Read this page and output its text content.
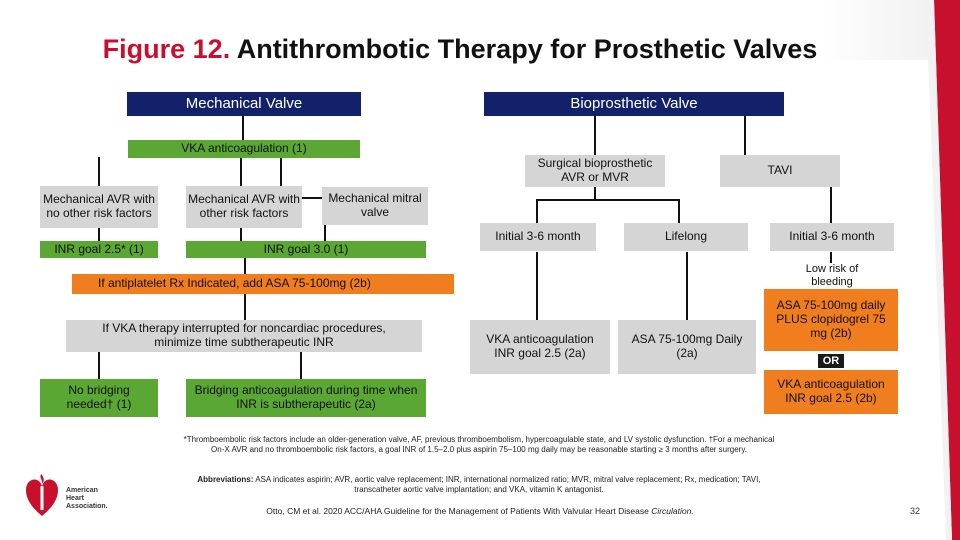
Figure 12. Antithrombotic Therapy for Prosthetic Valves
Mechanical Valve
VKA anticoagulation (1)
Mechanical AVR with no other risk factors
Mechanical AVR with other risk factors
Mechanical mitral valve
INR goal 2.5* (1)	INR goal 3.0 (1)
If antiplatelet Rx Indicated, add ASA 75-100mg (2b)
If VKA therapy interrupted for noncardiac procedures, minimize time subtherapeutic INR
No bridging needed† (1)
Bridging anticoagulation during time when INR is subtherapeutic (2a)
Bioprosthetic Valve
Surgical bioprosthetic AVR or MVR	TAVI
Initial 3-6 month	Lifelong	Initial 3-6 month
Low risk of bleeding
VKA anticoagulation INR goal 2.5 (2a)
ASA 75-100mg Daily (2a)
ASA 75-100mg daily PLUS clopidogrel 75 mg (2b)
OR
VKA anticoagulation INR goal 2.5 (2b)
*Thromboembolic risk factors include an older-generation valve, AF, previous thromboembolism, hypercoagulable state, and LV systolic dysfunction. †For a mechanical On-X AVR and no thromboembolic risk factors, a goal INR of 1.5–2.0 plus aspirin 75–100 mg daily may be reasonable starting ≥ 3 months after surgery.
Abbreviations: ASA indicates aspirin; AVR, aortic valve replacement; INR, international normalized ratio; MVR, mitral valve replacement; Rx, medication; TAVI, transcatheter aortic valve implantation; and VKA, vitamin K antagonist.
Otto, CM et al. 2020 ACC/AHA Guideline for the Management of Patients With Valvular Heart Disease Circulation.
American
Heart
Association.	32
